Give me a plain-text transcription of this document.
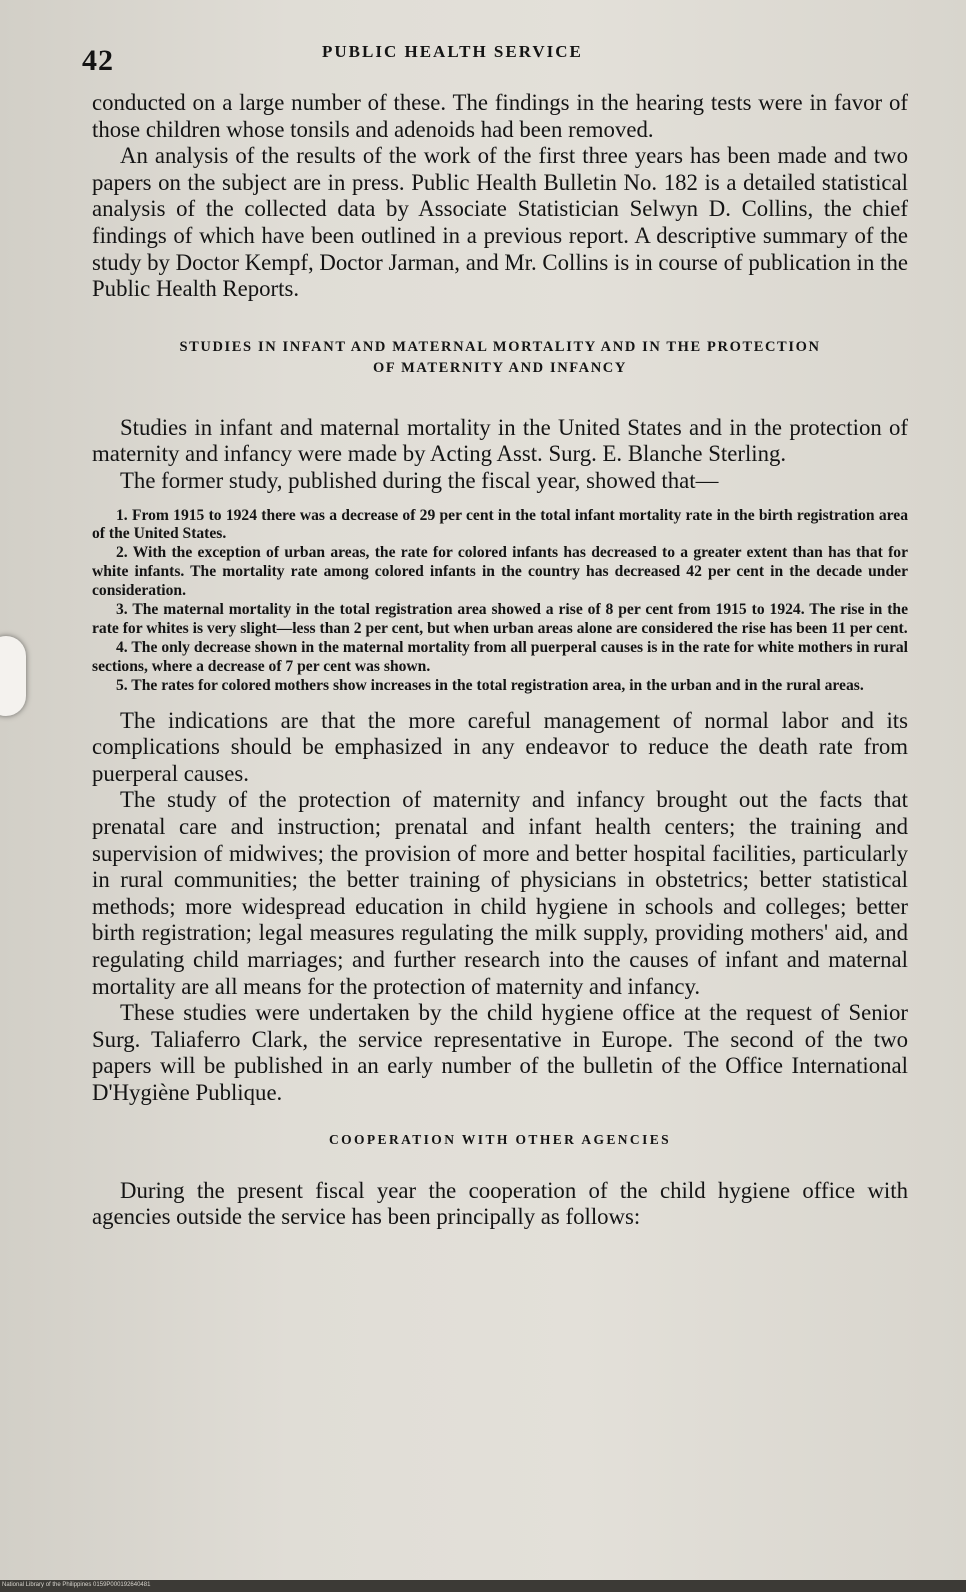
42	PUBLIC HEALTH SERVICE

conducted on a large number of these. The findings in the hearing tests were in favor of those children whose tonsils and adenoids had been removed.

An analysis of the results of the work of the first three years has been made and two papers on the subject are in press. Public Health Bulletin No. 182 is a detailed statistical analysis of the collected data by Associate Statistician Selwyn D. Collins, the chief findings of which have been outlined in a previous report. A descriptive summary of the study by Doctor Kempf, Doctor Jarman, and Mr. Collins is in course of publication in the Public Health Reports.

STUDIES IN INFANT AND MATERNAL MORTALITY AND IN THE PROTECTION
OF MATERNITY AND INFANCY

Studies in infant and maternal mortality in the United States and in the protection of maternity and infancy were made by Acting Asst. Surg. E. Blanche Sterling.

The former study, published during the fiscal year, showed that—

1. From 1915 to 1924 there was a decrease of 29 per cent in the total infant mortality rate in the birth registration area of the United States.

2. With the exception of urban areas, the rate for colored infants has decreased to a greater extent than has that for white infants. The mortality rate among colored infants in the country has decreased 42 per cent in the decade under consideration.

3. The maternal mortality in the total registration area showed a rise of 8 per cent from 1915 to 1924. The rise in the rate for whites is very slight—less than 2 per cent, but when urban areas alone are considered the rise has been 11 per cent.

4. The only decrease shown in the maternal mortality from all puerperal causes is in the rate for white mothers in rural sections, where a decrease of 7 per cent was shown.

5. The rates for colored mothers show increases in the total registration area, in the urban and in the rural areas.

The indications are that the more careful management of normal labor and its complications should be emphasized in any endeavor to reduce the death rate from puerperal causes.

The study of the protection of maternity and infancy brought out the facts that prenatal care and instruction; prenatal and infant health centers; the training and supervision of midwives; the provision of more and better hospital facilities, particularly in rural communities; the better training of physicians in obstetrics; better statistical methods; more widespread education in child hygiene in schools and colleges; better birth registration; legal measures regulating the milk supply, providing mothers' aid, and regulating child marriages; and further research into the causes of infant and maternal mortality are all means for the protection of maternity and infancy.

These studies were undertaken by the child hygiene office at the request of Senior Surg. Taliaferro Clark, the service representative in Europe. The second of the two papers will be published in an early number of the bulletin of the Office International D'Hygiène Publique.

COOPERATION WITH OTHER AGENCIES

During the present fiscal year the cooperation of the child hygiene office with agencies outside the service has been principally as follows:

National Library of the Philippines 0159P000192640481
